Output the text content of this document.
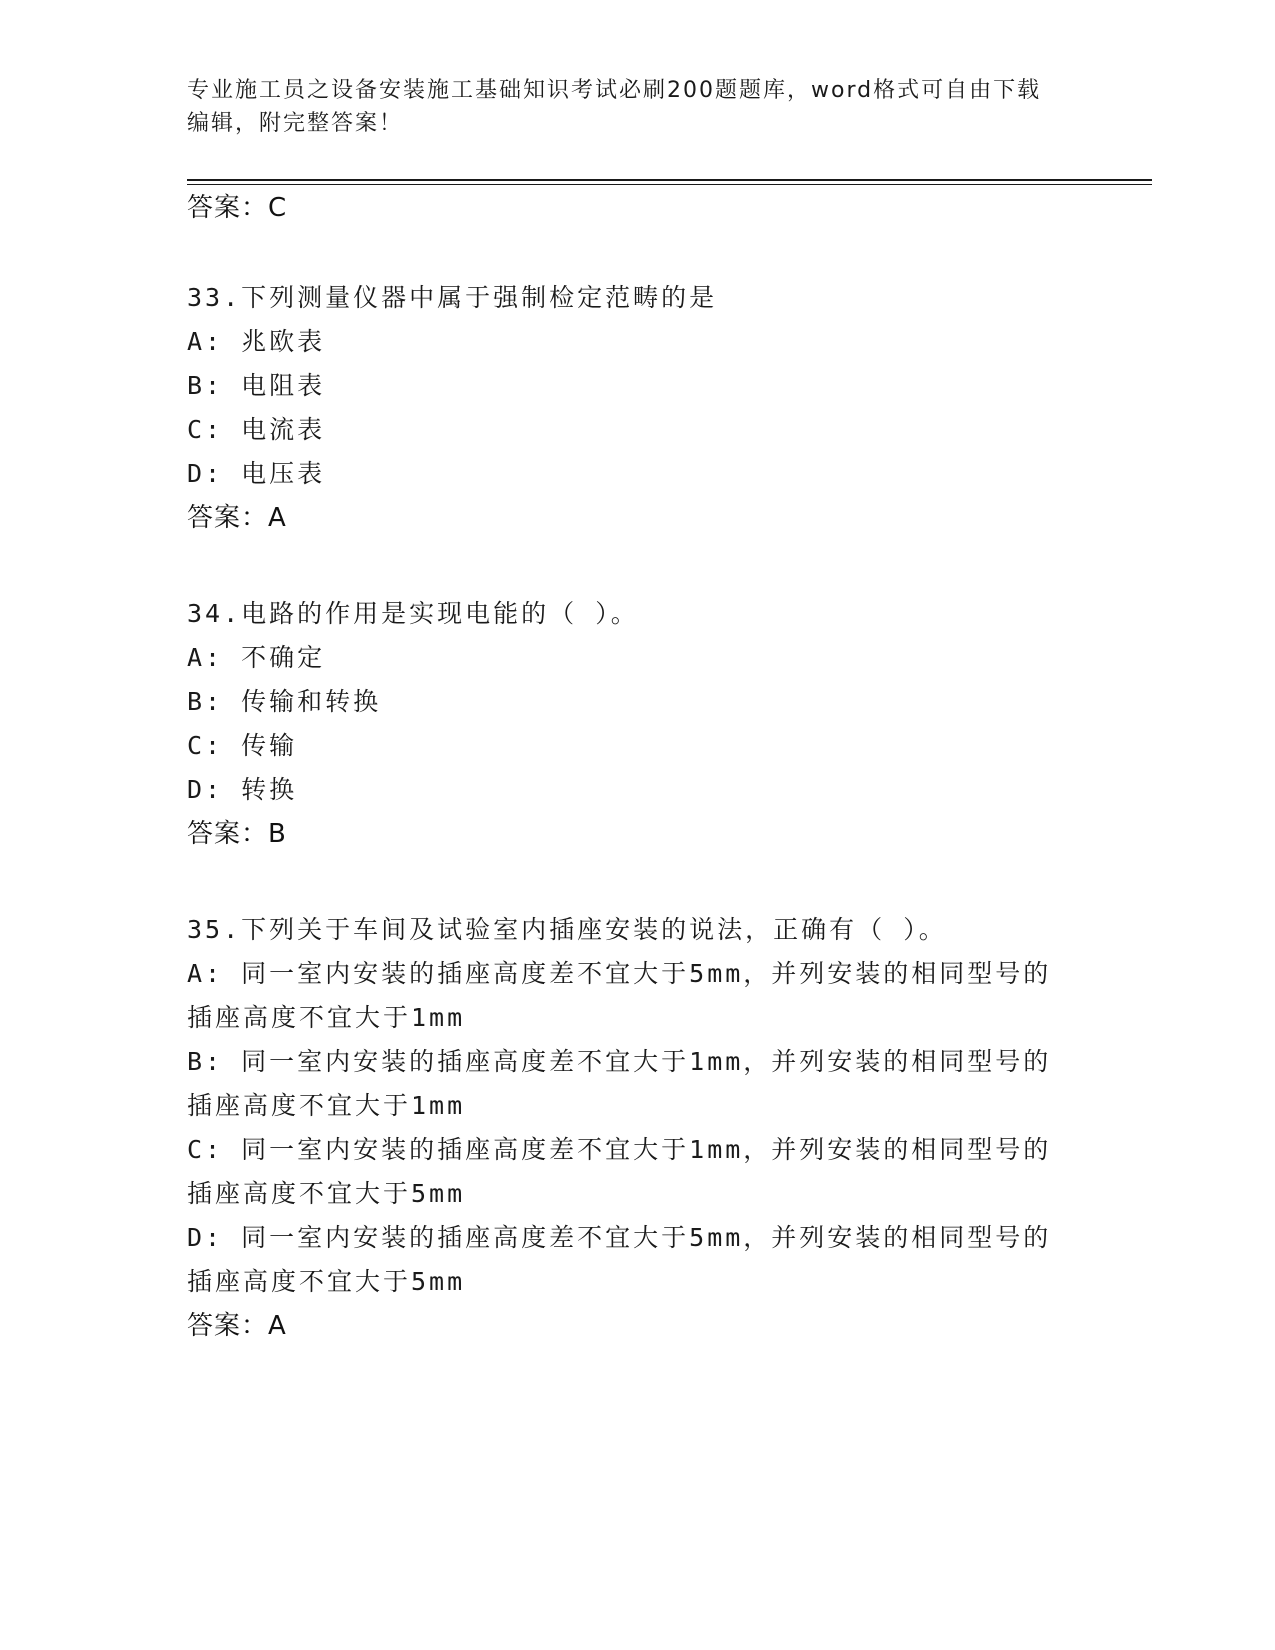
专业施工员之设备安装施工基础知识考试必刷200题题库，word格式可自由下载
编辑，附完整答案！
答案：C
33.下列测量仪器中属于强制检定范畴的是
A: 兆欧表
B: 电阻表
C: 电流表
D: 电压表
答案：A
34.电路的作用是实现电能的（ ）。
A: 不确定
B: 传输和转换
C: 传输
D: 转换
答案：B
35.下列关于车间及试验室内插座安装的说法，正确有（ ）。
A: 同一室内安装的插座高度差不宜大于5mm，并列安装的相同型号的
插座高度不宜大于1mm
B: 同一室内安装的插座高度差不宜大于1mm，并列安装的相同型号的
插座高度不宜大于1mm
C: 同一室内安装的插座高度差不宜大于1mm，并列安装的相同型号的
插座高度不宜大于5mm
D: 同一室内安装的插座高度差不宜大于5mm，并列安装的相同型号的
插座高度不宜大于5mm
答案：A
